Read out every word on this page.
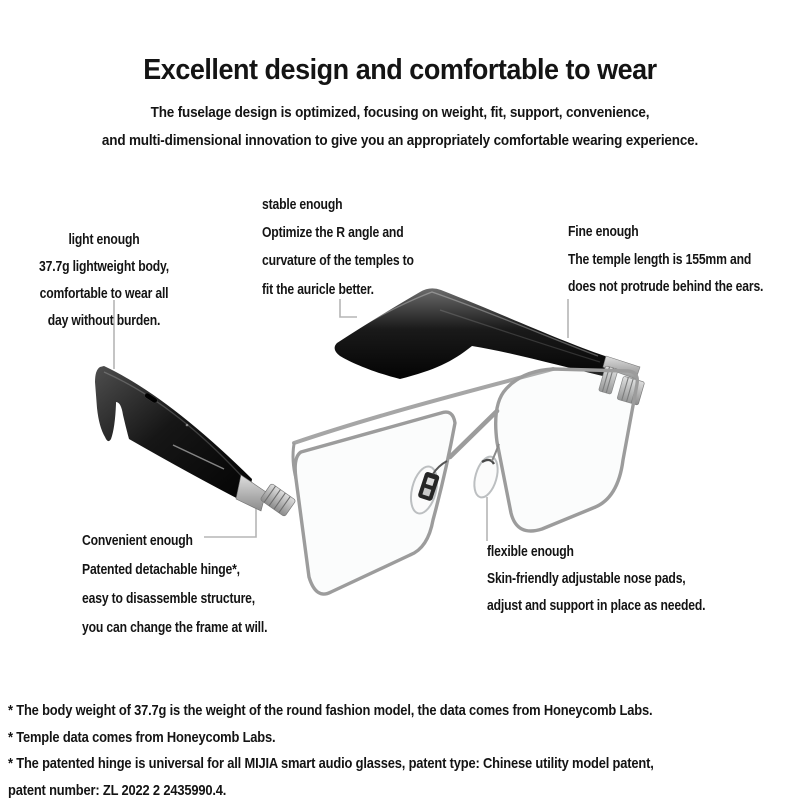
Excellent design and comfortable to wear
The fuselage design is optimized, focusing on weight, fit, support, convenience,
and multi-dimensional innovation to give you an appropriately comfortable wearing experience.
stable enough
Optimize the R angle and
curvature of the temples to
fit the auricle better.
light enough
37.7g lightweight body,
comfortable to wear all
day without burden.
Fine enough
The temple length is 155mm and
does not protrude behind the ears.
Convenient enough
Patented detachable hinge*,
easy to disassemble structure,
you can change the frame at will.
flexible enough
Skin-friendly adjustable nose pads,
adjust and support in place as needed.
* The body weight of 37.7g is the weight of the round fashion model, the data comes from Honeycomb Labs.
* Temple data comes from Honeycomb Labs.
* The patented hinge is universal for all MIJIA smart audio glasses, patent type: Chinese utility model patent,
patent number: ZL 2022 2 2435990.4.
